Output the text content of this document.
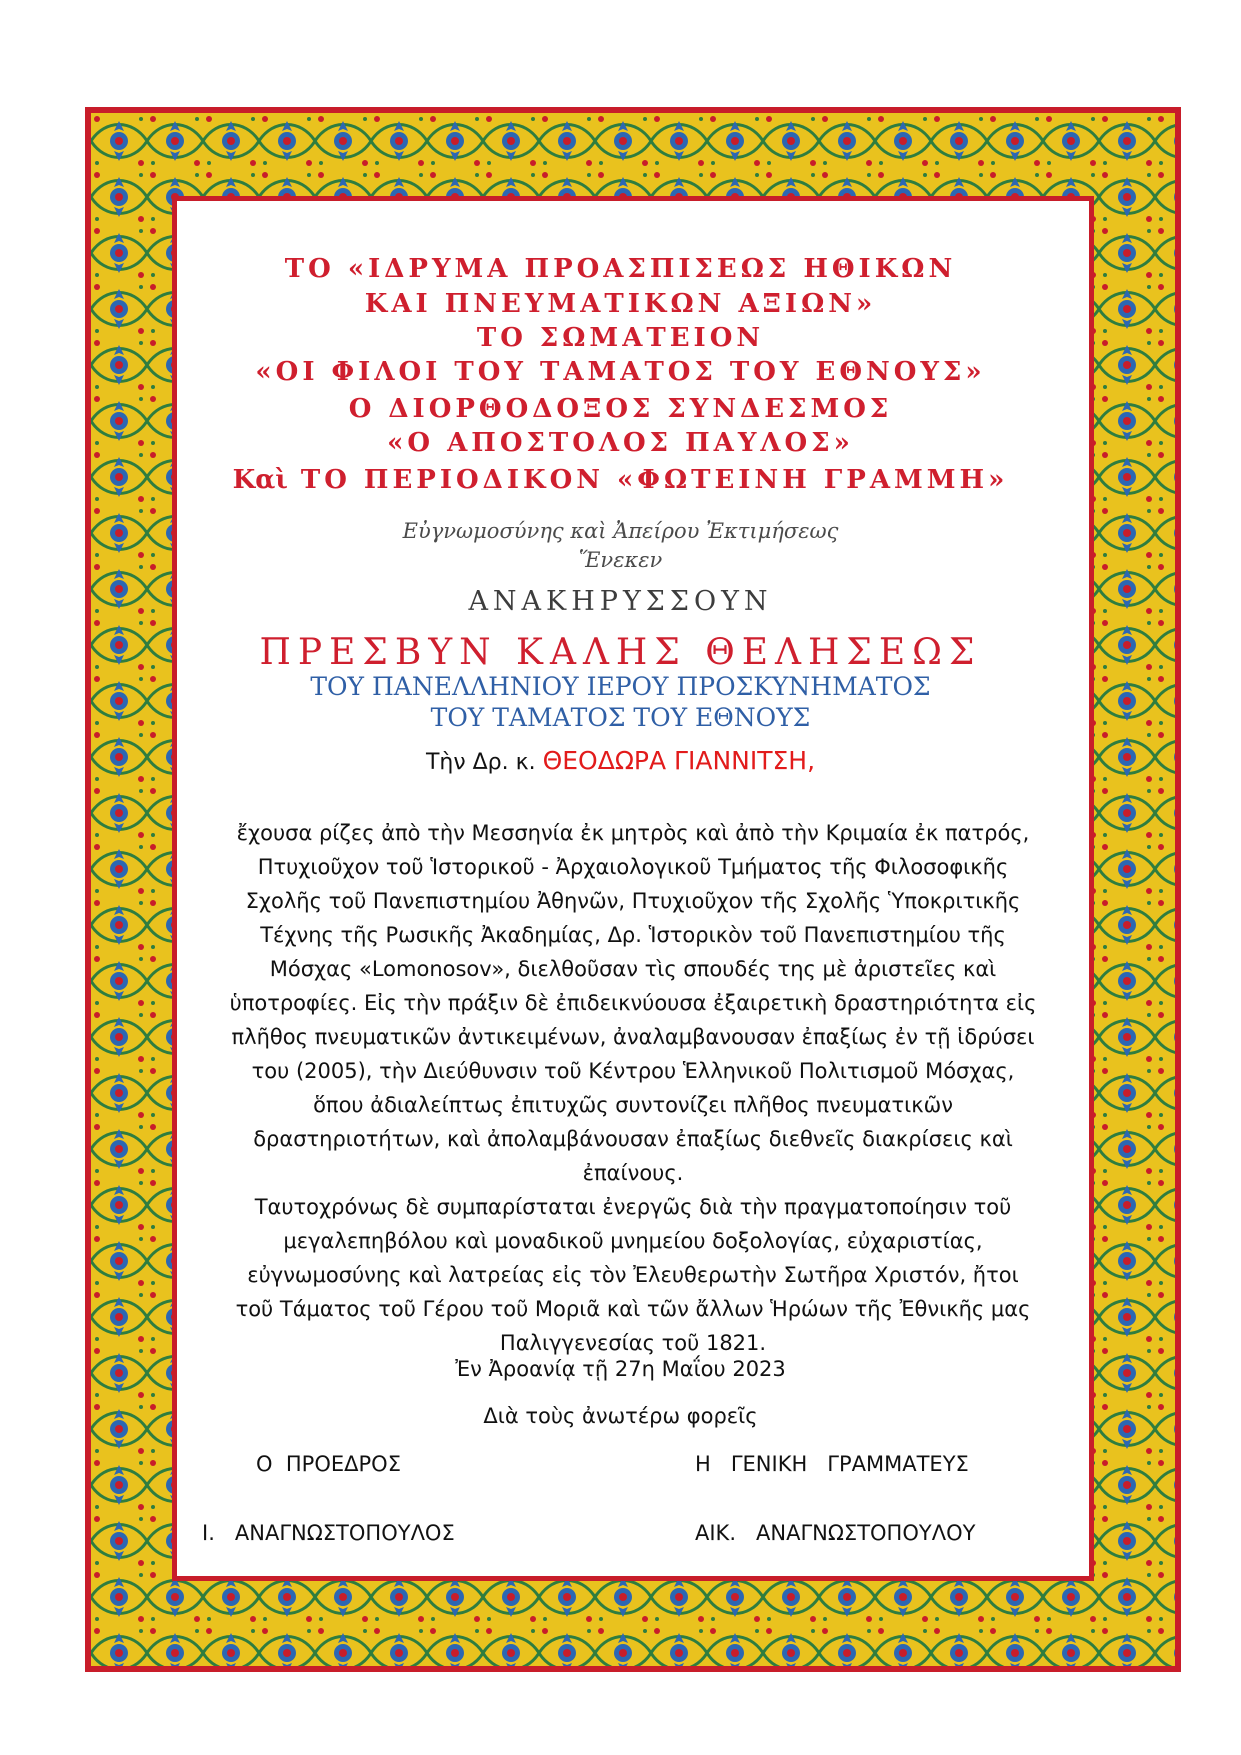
ΤΟ «ΙΔΡΥΜΑ ΠΡΟΑΣΠΙΣΕΩΣ ΗΘΙΚΩΝ
ΚΑΙ ΠΝΕΥΜΑΤΙΚΩΝ ΑΞΙΩΝ»
ΤΟ ΣΩΜΑΤΕΙΟΝ
«ΟΙ ΦΙΛΟΙ ΤΟΥ ΤΑΜΑΤΟΣ ΤΟΥ ΕΘΝΟΥΣ»
Ο ΔΙΟΡΘΟΔΟΞΟΣ ΣΥΝΔΕΣΜΟΣ
«Ο ΑΠΟΣΤΟΛΟΣ ΠΑΥΛΟΣ»
Καὶ ΤΟ ΠΕΡΙΟΔΙΚΟΝ «ΦΩΤΕΙΝΗ ΓΡΑΜΜΗ»
Εὐγνωμοσύνης καὶ Ἀπείρου Ἐκτιμήσεως
Ἕνεκεν
ΑΝΑΚΗΡΥΣΣΟΥΝ
ΠΡΕΣΒΥΝ ΚΑΛΗΣ ΘΕΛΗΣΕΩΣ
ΤΟΥ ΠΑΝΕΛΛΗΝΙΟΥ ΙΕΡΟΥ ΠΡΟΣΚΥΝΗΜΑΤΟΣ
ΤΟΥ ΤΑΜΑΤΟΣ ΤΟΥ ΕΘΝΟΥΣ
Τὴν Δρ. κ. ΘΕΟΔΩΡΑ ΓΙΑΝΝΙΤΣΗ,
ἔχουσα ρίζες ἀπὸ τὴν Μεσσηνία ἐκ μητρὸς καὶ ἀπὸ τὴν Κριμαία ἐκ πατρός,
Πτυχιοῦχον τοῦ Ἱστορικοῦ - Ἀρχαιολογικοῦ Τμήματος τῆς Φιλοσοφικῆς
Σχολῆς τοῦ Πανεπιστημίου Ἀθηνῶν, Πτυχιοῦχον τῆς Σχολῆς Ὑποκριτικῆς
Τέχνης τῆς Ρωσικῆς Ἀκαδημίας, Δρ. Ἱστορικὸν τοῦ Πανεπιστημίου τῆς
Μόσχας «Lomonosov», διελθοῦσαν τὶς σπουδές της μὲ ἀριστεῖες καὶ
ὑποτροφίες. Εἰς τὴν πράξιν δὲ ἐπιδεικνύουσα ἐξαιρετικὴ δραστηριότητα εἰς
πλῆθος πνευματικῶν ἀντικειμένων, ἀναλαμβανουσαν ἐπαξίως ἐν τῇ ἱδρύσει
του (2005), τὴν Διεύθυνσιν τοῦ Κέντρου Ἑλληνικοῦ Πολιτισμοῦ Μόσχας,
ὅπου ἀδιαλείπτως ἐπιτυχῶς συντονίζει πλῆθος πνευματικῶν
δραστηριοτήτων, καὶ ἀπολαμβάνουσαν ἐπαξίως διεθνεῖς διακρίσεις καὶ
ἐπαίνους.
Ταυτοχρόνως δὲ συμπαρίσταται ἐνεργῶς διὰ τὴν πραγματοποίησιν τοῦ
μεγαλεπηβόλου καὶ μοναδικοῦ μνημείου δοξολογίας, εὐχαριστίας,
εὐγνωμοσύνης καὶ λατρείας εἰς τὸν Ἐλευθερωτὴν Σωτῆρα Χριστόν, ἤτοι
τοῦ Τάματος τοῦ Γέρου τοῦ Μοριᾶ καὶ τῶν ἄλλων Ἡρώων τῆς Ἐθνικῆς μας
Παλιγγενεσίας τοῦ 1821.
Ἐν Ἀροανίᾳ τῇ 27η Μαΐου 2023
Διὰ τοὺς ἀνωτέρω φορεῖς
Ο  ΠΡΟΕΔΡΟΣ	Η   ΓΕΝΙΚΗ   ΓΡΑΜΜΑΤΕΥΣ
Ι.   ΑΝΑΓΝΩΣΤΟΠΟΥΛΟΣ	ΑΙΚ.   ΑΝΑΓΝΩΣΤΟΠΟΥΛΟΥ
